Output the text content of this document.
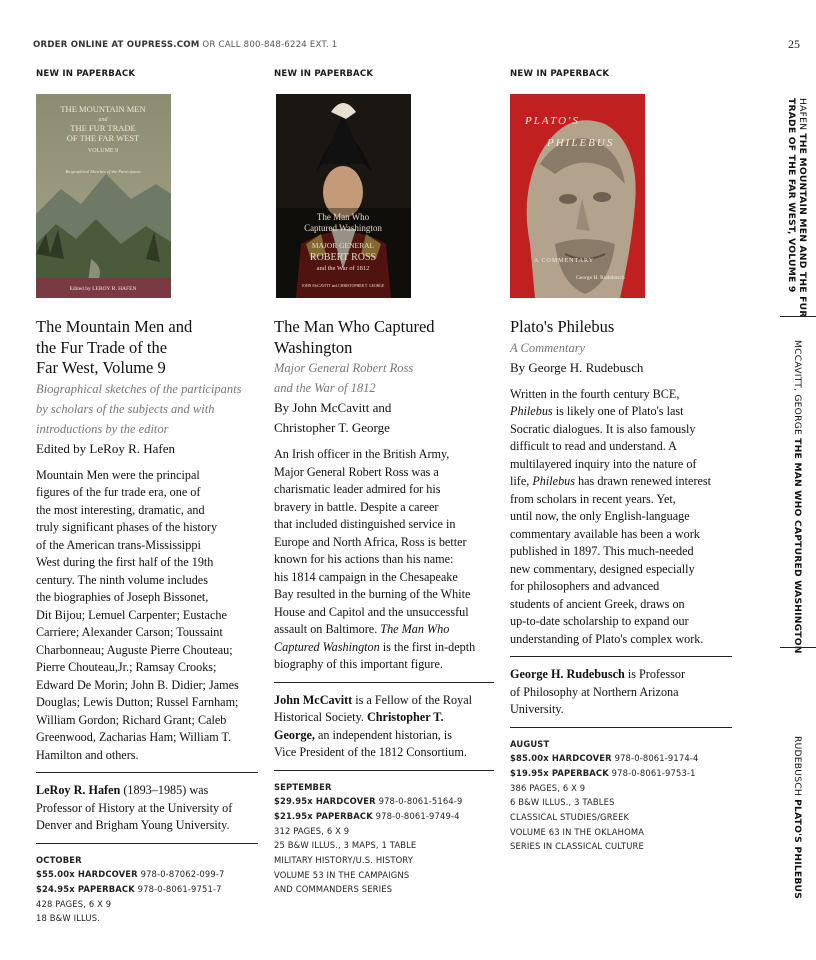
ORDER ONLINE AT OUPRESS.COM OR CALL 800-848-6224 EXT. 1	25
NEW IN PAPERBACK
THE MOUNTAIN MEN
and
THE FUR TRADE
OF THE FAR WEST
VOLUME 9
Biographical Sketches of the Participants
Edited by LEROY R. HAFEN
The Mountain Men and
the Fur Trade of the
Far West, Volume 9
Biographical sketches of the participants
by scholars of the subjects and with
introductions by the editor
Edited by LeRoy R. Hafen
Mountain Men were the principal
figures of the fur trade era, one of
the most interesting, dramatic, and
truly significant phases of the history
of the American trans-Mississippi
West during the first half of the 19th
century. The ninth volume includes
the biographies of Joseph Bissonet,
Dit Bijou; Lemuel Carpenter; Eustache
Carriere; Alexander Carson; Toussaint
Charbonneau; Auguste Pierre Chouteau;
Pierre Chouteau,Jr.; Ramsay Crooks;
Edward De Morin; John B. Didier; James
Douglas; Lewis Dutton; Russel Farnham;
William Gordon; Richard Grant; Caleb
Greenwood, Zacharias Ham; William T.
Hamilton and others.
LeRoy R. Hafen (1893–1985) was
Professor of History at the University of
Denver and Brigham Young University.
OCTOBER
$55.00x HARDCOVER 978-0-87062-099-7
$24.95x PAPERBACK 978-0-8061-9751-7
428 PAGES, 6 X 9
18 B&W ILLUS.
NEW IN PAPERBACK
The Man Who
Captured Washington
MAJOR GENERAL
ROBERT ROSS
and the War of 1812
JOHN McCAVITT and CHRISTOPHER T. GEORGE
The Man Who Captured
Washington
Major General Robert Ross
and the War of 1812
By John McCavitt and
Christopher T. George
An Irish officer in the British Army,
Major General Robert Ross was a
charismatic leader admired for his
bravery in battle. Despite a career
that included distinguished service in
Europe and North Africa, Ross is better
known for his actions than his name:
his 1814 campaign in the Chesapeake
Bay resulted in the burning of the White
House and Capitol and the unsuccessful
assault on Baltimore. The Man Who
Captured Washington is the first in-depth
biography of this important figure.
John McCavitt is a Fellow of the Royal
Historical Society. Christopher T.
George, an independent historian, is
Vice President of the 1812 Consortium.
SEPTEMBER
$29.95x HARDCOVER 978-0-8061-5164-9
$21.95x PAPERBACK 978-0-8061-9749-4
312 PAGES, 6 X 9
25 B&W ILLUS., 3 MAPS, 1 TABLE
MILITARY HISTORY/U.S. HISTORY
VOLUME 53 IN THE CAMPAIGNS
AND COMMANDERS SERIES
NEW IN PAPERBACK
PLATO'S
PHILEBUS
A COMMENTARY
George H. Rudebusch
Plato's Philebus
A Commentary
By George H. Rudebusch
Written in the fourth century BCE,
Philebus is likely one of Plato's last
Socratic dialogues. It is also famously
difficult to read and understand. A
multilayered inquiry into the nature of
life, Philebus has drawn renewed interest
from scholars in recent years. Yet,
until now, the only English-language
commentary available has been a work
published in 1897. This much-needed
new commentary, designed especially
for philosophers and advanced
students of ancient Greek, draws on
up-to-date scholarship to expand our
understanding of Plato's complex work.
George H. Rudebusch is Professor
of Philosophy at Northern Arizona
University.
AUGUST
$85.00x HARDCOVER 978-0-8061-9174-4
$19.95x PAPERBACK 978-0-8061-9753-1
386 PAGES, 6 X 9
6 B&W ILLUS., 3 TABLES
CLASSICAL STUDIES/GREEK
VOLUME 63 IN THE OKLAHOMA
SERIES IN CLASSICAL CULTURE
HAFEN THE MOUNTAIN MEN AND THE FUR
TRADE OF THE FAR WEST, VOLUME 9
MCCAVITT, GEORGE THE MAN WHO CAPTURED WASHINGTON
RUDEBUSCH PLATO'S PHILEBUS
